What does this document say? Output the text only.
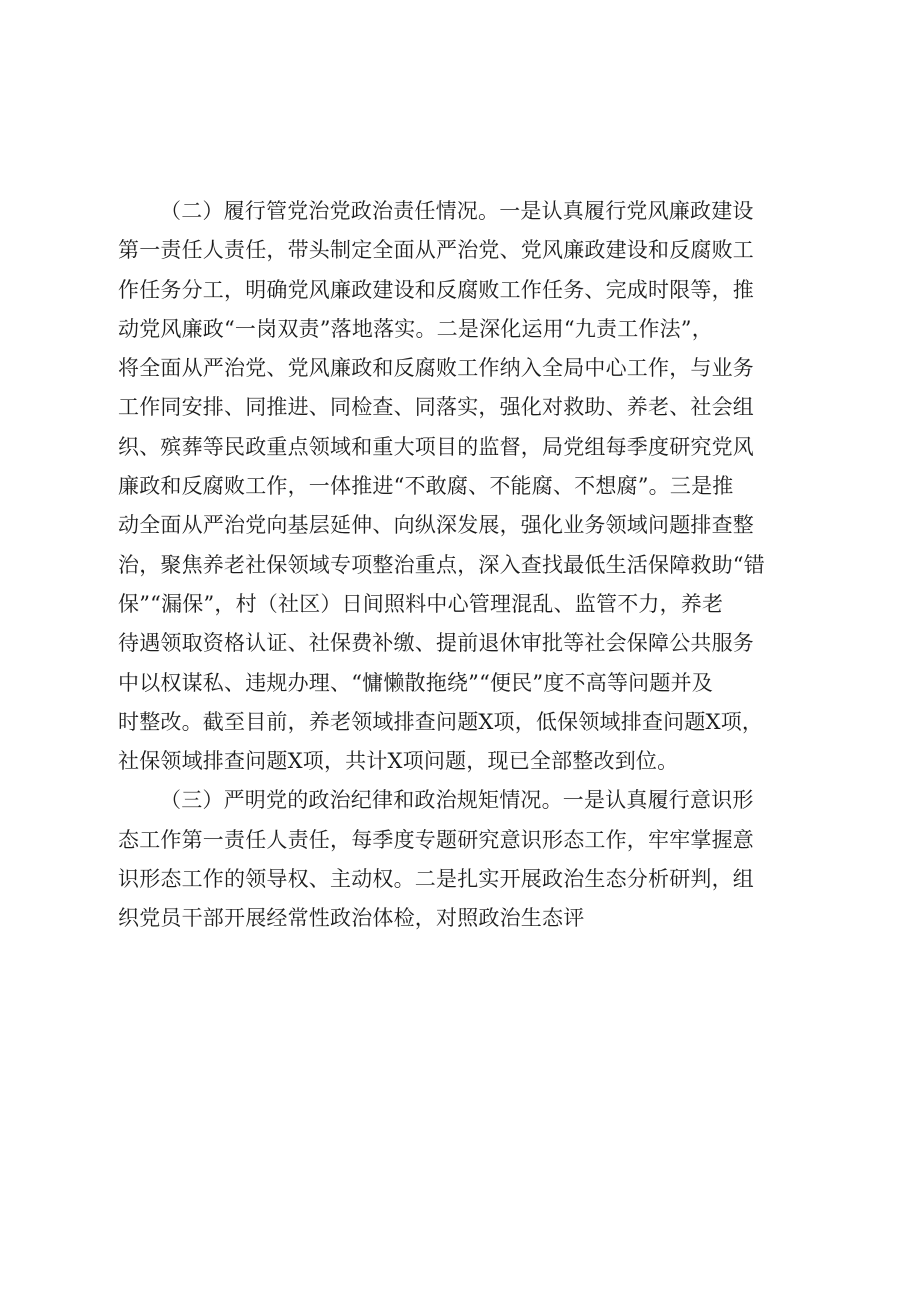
（二）履行管党治党政治责任情况。一是认真履行党风廉政建设
第一责任人责任，带头制定全面从严治党、党风廉政建设和反腐败工
作任务分工，明确党风廉政建设和反腐败工作任务、完成时限等，推
动党风廉政“一岗双责”落地落实。二是深化运用“九责工作法”，
将全面从严治党、党风廉政和反腐败工作纳入全局中心工作，与业务
工作同安排、同推进、同检查、同落实，强化对救助、养老、社会组
织、殡葬等民政重点领域和重大项目的监督，局党组每季度研究党风
廉政和反腐败工作，一体推进“不敢腐、不能腐、不想腐”。三是推
动全面从严治党向基层延伸、向纵深发展，强化业务领域问题排查整
治，聚焦养老社保领域专项整治重点，深入查找最低生活保障救助“错
保”“漏保”，村（社区）日间照料中心管理混乱、监管不力，养老
待遇领取资格认证、社保费补缴、提前退休审批等社会保障公共服务
中以权谋私、违规办理、“慵懒散拖绕”“便民”度不高等问题并及
时整改。截至目前，养老领域排查问题X项，低保领域排查问题X项，
社保领域排查问题X项，共计X项问题，现已全部整改到位。
（三）严明党的政治纪律和政治规矩情况。一是认真履行意识形
态工作第一责任人责任，每季度专题研究意识形态工作，牢牢掌握意
识形态工作的领导权、主动权。二是扎实开展政治生态分析研判，组
织党员干部开展经常性政治体检，对照政治生态评
